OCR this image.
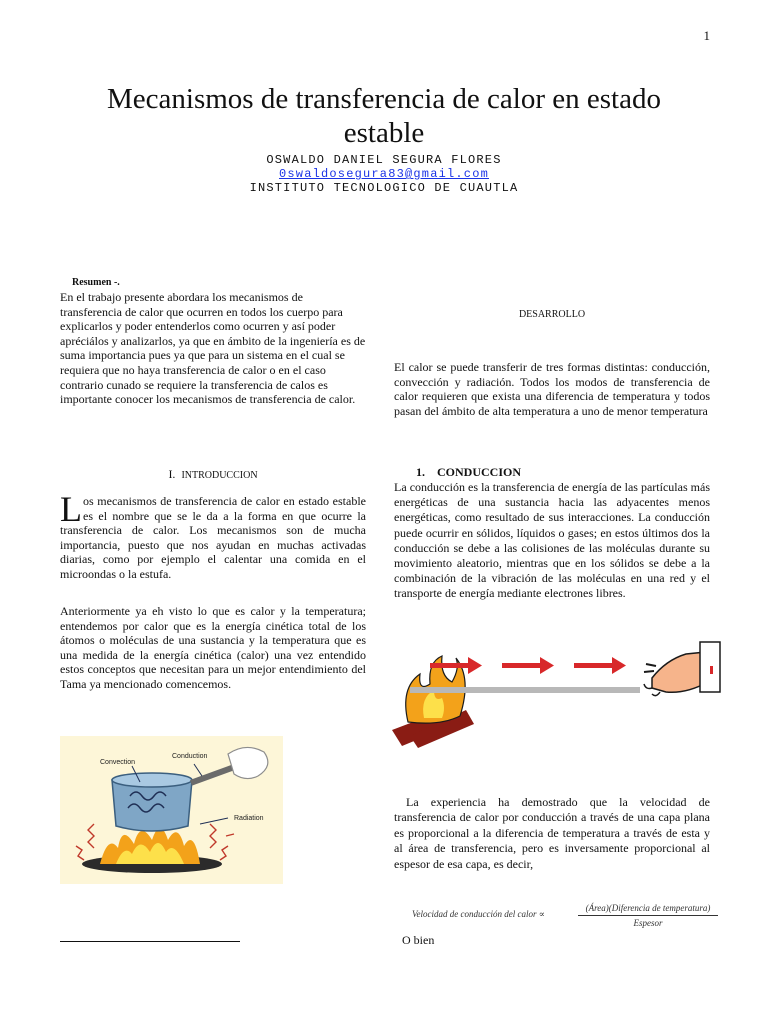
1
Mecanismos de transferencia de calor en estado estable
OSWALDO DANIEL SEGURA FLORES
0swaldosegura83@gmail.com
INSTITUTO TECNOLOGICO DE CUAUTLA
Resumen -.
En el trabajo presente abordara los mecanismos de transferencia de calor que ocurren en todos los cuerpo para explicarlos y poder entenderlos como ocurren y así poder apréciálos y analizarlos, ya que en ámbito de la ingeniería es de suma importancia pues ya que para un sistema en el cual se requiera que no haya transferencia de calor o en el caso contrario cunado se requiere la transferencia de calos es importante conocer los mecanismos de transferencia de calor.
I. INTRODUCCION
Los mecanismos de transferencia de calor en estado estable es el nombre que se le da a la forma en que ocurre la transferencia de calor. Los mecanismos son de mucha importancia, puesto que nos ayudan en muchas activadas diarias, como por ejemplo el calentar una comida en el microondas o la estufa.
Anteriormente ya eh visto lo que es calor y la temperatura; entendemos por calor que es la energía cinética total de los átomos o moléculas de una sustancia y la temperatura que es una medida de la energía cinética (calor) una vez entendido estos conceptos que necesitan para un mejor entendimiento del Tama ya mencionado comencemos.
Convection
Conduction
Radiation
DESARROLLO
El calor se puede transferir de tres formas distintas: conducción, convección y radiación. Todos los modos de transferencia de calor requieren que exista una diferencia de temperatura y todos pasan del ámbito de alta temperatura a uno de menor temperatura
1. CONDUCCION
La conducción es la transferencia de energía de las partículas más energéticas de una sustancia hacia las adyacentes menos energéticas, como resultado de sus interacciones. La conducción puede ocurrir en sólidos, líquidos o gases; en estos últimos dos la conducción se debe a las colisiones de las moléculas durante su movimiento aleatorio, mientras que en los sólidos se debe a la combinación de la vibración de las moléculas en una red y el transporte de energía mediante electrones libres.
La experiencia ha demostrado que la velocidad de transferencia de calor por conducción a través de una capa plana es proporcional a la diferencia de temperatura a través de esta y al área de transferencia, pero es inversamente proporcional al espesor de esa capa, es decir,
Velocidad de conducción del calor ∝
(Área)(Diferencia de temperatura)
Espesor
O bien
